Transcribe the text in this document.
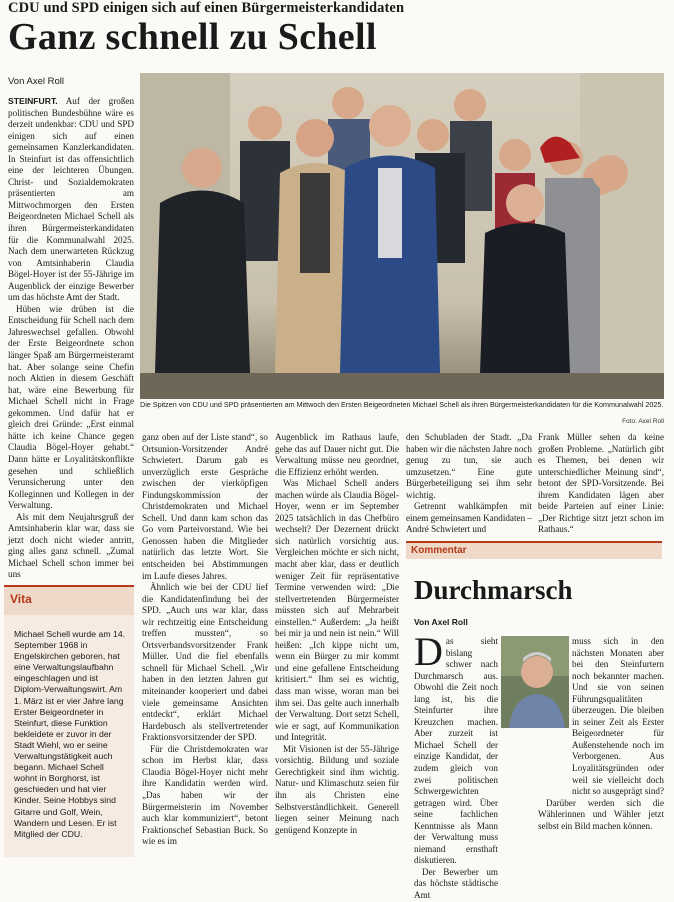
CDU und SPD einigen sich auf einen Bürgermeisterkandidaten
Ganz schnell zu Schell
Von Axel Roll

STEINFURT. Auf der großen politischen Bundesbühne wäre es derzeit undenkbar: CDU und SPD einigen sich auf einen gemeinsamen Kanzlerkandidaten. In Steinfurt ist das offensichtlich eine der leichteren Übungen. Christ- und Sozialdemokraten präsentierten am Mittwochmorgen den Ersten Beigeordneten Michael Schell als ihren Bürgermeisterkandidaten für die Kommunalwahl 2025. Nach dem unerwarteten Rückzug von Amtsinhaberin Claudia Bögel-Hoyer ist der 55-Jährige im Augenblick der einzige Bewerber um das höchste Amt der Stadt.

Hüben wie drüben ist die Entscheidung für Schell nach dem Jahreswechsel gefallen. Obwohl der Erste Beigeordnete schon länger Spaß am Bürgermeisteramt hat. Aber solange seine Chefin noch Aktien in diesem Geschäft hat, wäre eine Bewerbung für Michael Schell nicht in Frage gekommen. Und dafür hat er gleich drei Gründe: „Erst einmal hätte ich keine Chance gegen Claudia Bögel-Hoyer gehabt.“ Dann hätte er Loyalitätskonflikte gesehen und schließlich Verunsicherung unter den Kolleginnen und Kollegen in der Verwaltung.

Als mit dem Neujahrsgruß der Amtsinhaberin klar war, dass sie jetzt doch nicht wieder antritt, ging alles ganz schnell. „Zumal Michael Schell schon immer bei uns

Die Spitzen von CDU und SPD präsentierten am Mittwoch den Ersten Beigeordneten Michael Schell als ihren Bürgermeisterkandidaten für die Kommunalwahl 2025.
Foto: Axel Roll
Vita
Michael Schell wurde am 14. September 1968 in Engelskirchen geboren, hat eine Verwaltungslaufbahn eingeschlagen und ist Diplom-Verwaltungswirt. Am 1. März ist er vier Jahre lang Erster Beigeordneter in Steinfurt, diese Funktion bekleidete er zuvor in der Stadt Wiehl, wo er seine Verwaltungstätigkeit auch begann. Michael Schell wohnt in Borghorst, ist geschieden und hat vier Kinder. Seine Hobbys sind Gitarre und Golf, Wein, Wandern und Lesen. Er ist Mitglied der CDU.

ganz oben auf der Liste stand“, so Ortsunion-Vorsitzender André Schwietert. Darum gab es unverzüglich erste Gespräche zwischen der vierköpfigen Findungskommission der Christdemokraten und Michael Schell. Und dann kam schon das Go vom Parteivorstand. Wie bei Genossen haben die Mitglieder natürlich das letzte Wort. Sie entscheiden bei Abstimmungen im Laufe dieses Jahres.

Ähnlich wie bei der CDU lief die Kandidatenfindung bei der SPD. „Auch uns war klar, dass wir rechtzeitig eine Entscheidung treffen mussten“, so Ortsverbandsvorsitzender Frank Müller. Und die fiel ebenfalls schnell für Michael Schell. „Wir haben in den letzten Jahren gut miteinander kooperiert und dabei viele gemeinsame Ansichten entdeckt“, erklärt Michael Hardebusch als stellvertretender Fraktionsvorsitzender der SPD.

Für die Christdemokraten war schon im Herbst klar, dass Claudia Bögel-Hoyer nicht mehr ihre Kandidatin werden wird. „Das haben wir der Bürgermeisterin im November auch klar kommuniziert“, betont Fraktionschef Sebastian Buck. So wie es im

Augenblick im Rathaus laufe, gehe das auf Dauer nicht gut. Die Verwaltung müsse neu geordnet, die Effizienz erhöht werden.

Was Michael Schell anders machen würde als Claudia Bögel-Hoyer, wenn er im September 2025 tatsächlich in das Chefbüro wechselt? Der Dezernent drückt sich natürlich vorsichtig aus. Vergleichen möchte er sich nicht, macht aber klar, dass er deutlich weniger Zeit für repräsentative Termine verwenden wird: „Die stellvertretenden Bürgermeister müssten sich auf Mehrarbeit einstellen.“ Außerdem: „Ja heißt bei mir ja und nein ist nein.“ Will heißen: „Ich kippe nicht um, wenn ein Bürger zu mir kommt und eine gefallene Entscheidung kritisiert.“ Ihm sei es wichtig, dass man wisse, woran man bei ihm sei. Das gelte auch innerhalb der Verwaltung. Dort setzt Schell, wie er sagt, auf Kommunikation und Integrität.

Mit Visionen ist der 55-Jährige vorsichtig. Bildung und soziale Gerechtigkeit sind ihm wichtig. Natur- und Klimaschutz seien für ihn als Christen eine Selbstverständlichkeit. Generell liegen seiner Meinung nach genügend Konzepte in

den Schubladen der Stadt. „Da haben wir die nächsten Jahre noch genug zu tun, sie auch umzusetzen.“ Eine gute Bürgerbeteiligung sei ihm sehr wichtig.

Getrennt wahlkämpfen mit einem gemeinsamen Kandidaten – André Schwietert und

Frank Müller sehen da keine großen Probleme. „Natürlich gibt es Themen, bei denen wir unterschiedlicher Meinung sind“, betont der SPD-Vorsitzende. Bei ihrem Kandidaten lägen aber beide Parteien auf einer Linie: „Der Richtige sitzt jetzt schon im Rathaus.“

Kommentar
Durchmarsch
Von Axel Roll

Das sieht bislang schwer nach Durchmarsch aus. Obwohl die Zeit noch lang ist, bis die Steinfurter ihre Kreuzchen machen. Aber zurzeit ist Michael Schell der einzige Kandidat, der zudem gleich von zwei politischen Schwergewichten getragen wird. Über seine fachlichen Kenntnisse als Mann der Verwaltung muss niemand ernsthaft diskutieren.

Der Bewerber um das höchste städtische Amt

muss sich in den nächsten Monaten aber bei den Steinfurtern noch bekannter machen. Und sie von seinen Führungsqualitäten überzeugen. Die bleiben in seiner Zeit als Erster Beigeordneter für Außenstehende noch im Verborgenen. Aus Loyalitätsgründen oder weil sie vielleicht doch nicht so ausgeprägt sind?

Darüber werden sich die Wählerinnen und Wähler jetzt selbst ein Bild machen können.
